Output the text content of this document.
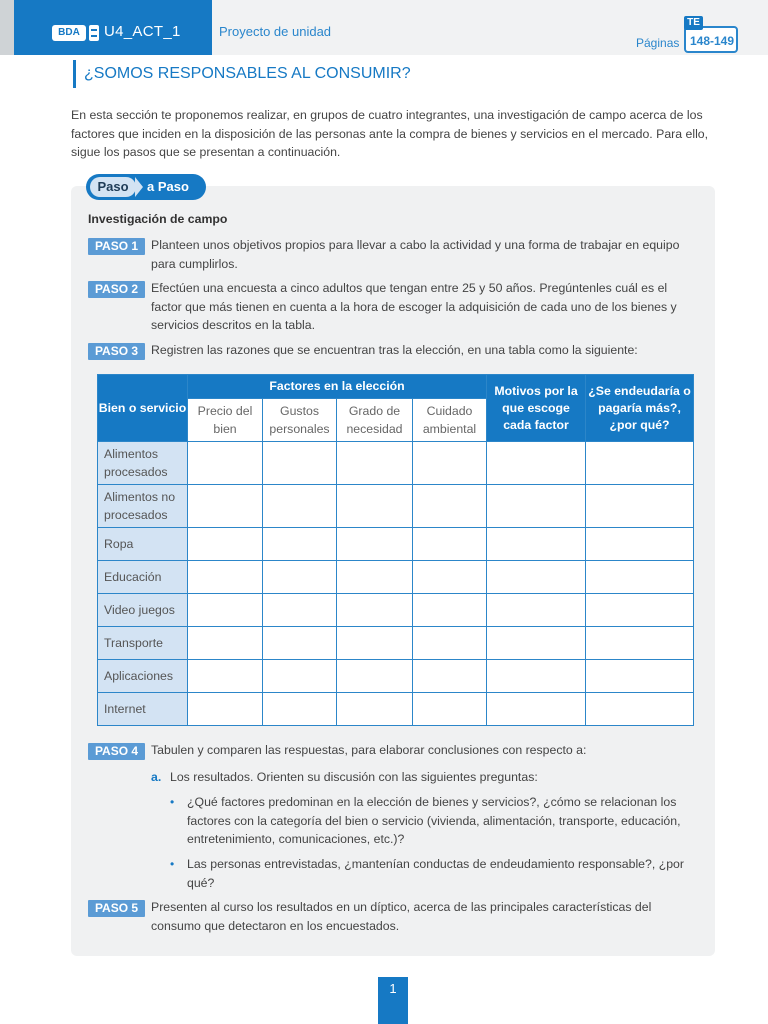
BDA	U4_ACT_1	Proyecto de unidad
Páginas
TE
148-149
¿SOMOS RESPONSABLES AL CONSUMIR?
En esta sección te proponemos realizar, en grupos de cuatro integrantes, una investigación de campo acerca de los factores que inciden en la disposición de las personas ante la compra de bienes y servicios en el mercado. Para ello, sigue los pasos que se presentan a continuación.
Paso	a Paso
Investigación de campo
PASO 1	Planteen unos objetivos propios para llevar a cabo la actividad y una forma de trabajar en equipo para cumplirlos.
PASO 2	Efectúen una encuesta a cinco adultos que tengan entre 25 y 50 años. Pregúntenles cuál es el factor que más tienen en cuenta a la hora de escoger la adquisición de cada uno de los bienes y servicios descritos en la tabla.
PASO 3	Registren las razones que se encuentran tras la elección, en una tabla como la siguiente:
Bien o servicio	Factores en la elección				Motivos por la que escoge cada factor	¿Se endeudaría o pagaría más?, ¿por qué?
	Precio del bien	Gustos personales	Grado de necesidad	Cuidado ambiental		
Alimentos procesados						
Alimentos no procesados						
Ropa						
Educación						
Video juegos						
Transporte						
Aplicaciones						
Internet						
PASO 4	Tabulen y comparen las respuestas, para elaborar conclusiones con respecto a:
a. Los resultados. Orienten su discusión con las siguientes preguntas:
•	¿Qué factores predominan en la elección de bienes y servicios?, ¿cómo se relacionan los factores con la categoría del bien o servicio (vivienda, alimentación, transporte, educación, entretenimiento, comunicaciones, etc.)?
•	Las personas entrevistadas, ¿mantenían conductas de endeudamiento responsable?, ¿por qué?
PASO 5	Presenten al curso los resultados en un díptico, acerca de las principales características del consumo que detectaron en los encuestados.
1
